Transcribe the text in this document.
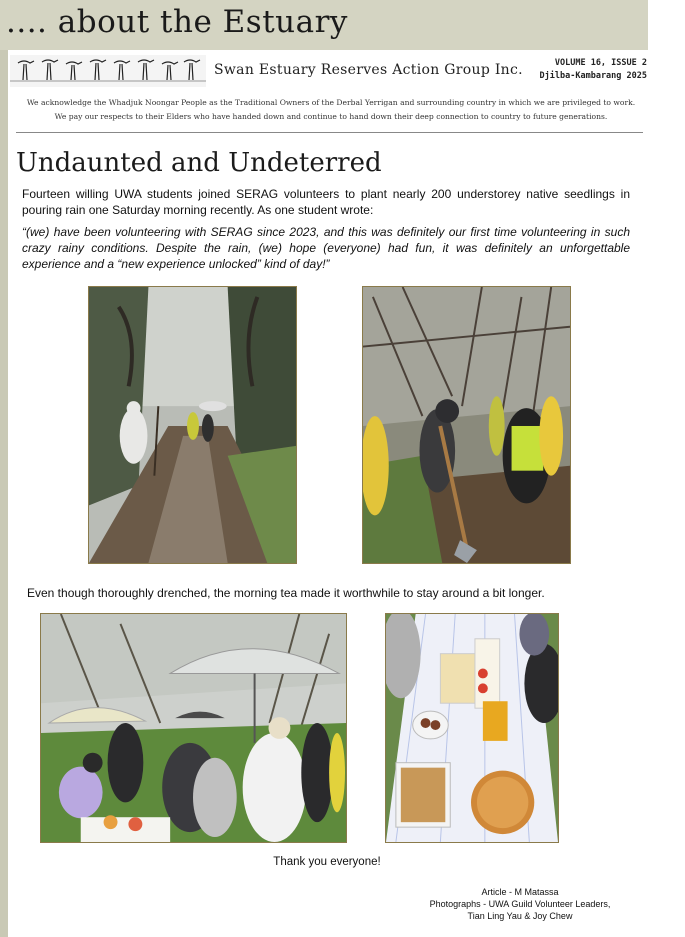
.... about the Estuary
Swan Estuary Reserves Action Group Inc.	VOLUME 16, ISSUE 2
Djilba-Kambarang 2025
We acknowledge the Whadjuk Noongar People as the Traditional Owners of the Derbal Yerrigan and surrounding country in which we are privileged to work. We pay our respects to their Elders who have handed down and continue to hand down their deep connection to country to future generations.
Undaunted and Undeterred
Fourteen willing UWA students joined SERAG volunteers to plant nearly 200 understorey native seedlings in pouring rain one Saturday morning recently. As one student wrote:
“(we) have been volunteering with SERAG since 2023, and this was definitely our first time volunteering in such crazy rainy conditions. Despite the rain, (we) hope (everyone) had fun, it was definitely an unforgettable experience and a “new experience unlocked” kind of day!”
Even though thoroughly drenched, the morning tea made it worthwhile to stay around a bit longer.
Thank you everyone!
Article - M Matassa
Photographs - UWA Guild Volunteer Leaders,
Tian Ling Yau & Joy Chew
